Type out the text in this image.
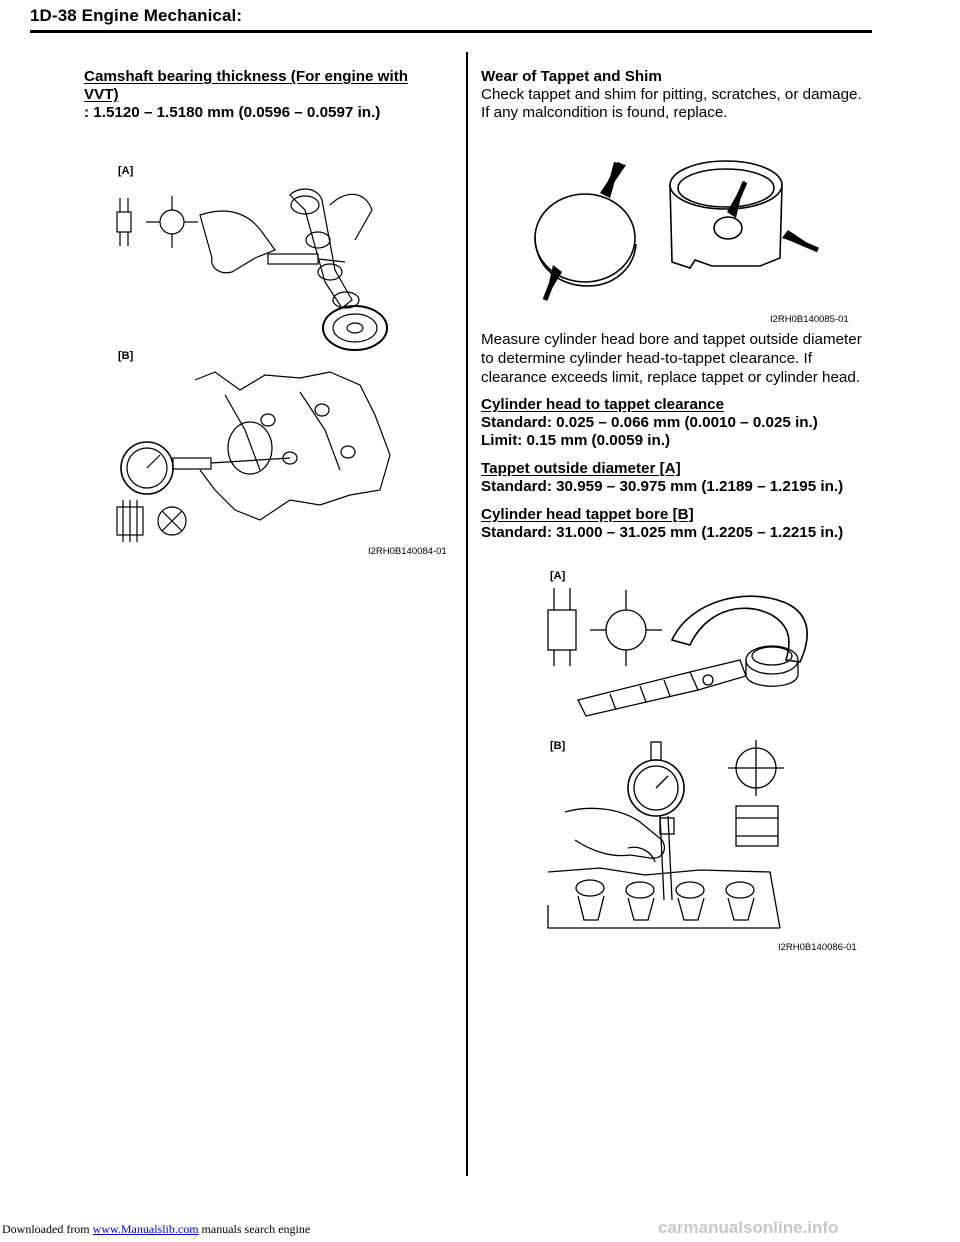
1D-38 Engine Mechanical:
Camshaft bearing thickness (For engine with
VVT)
: 1.5120 – 1.5180 mm (0.0596 – 0.0597 in.)
[A]
[B]
I2RH0B140084-01
Wear of Tappet and Shim
Check tappet and shim for pitting, scratches, or damage.
If any malcondition is found, replace.
I2RH0B140085-01
Measure cylinder head bore and tappet outside diameter
to determine cylinder head-to-tappet clearance. If
clearance exceeds limit, replace tappet or cylinder head.
Cylinder head to tappet clearance
Standard: 0.025 – 0.066 mm (0.0010 – 0.025 in.)
Limit: 0.15 mm (0.0059 in.)
Tappet outside diameter [A]
Standard: 30.959 – 30.975 mm (1.2189 – 1.2195 in.)
Cylinder head tappet bore [B]
Standard: 31.000 – 31.025 mm (1.2205 – 1.2215 in.)
[A]
[B]
I2RH0B140086-01
Downloaded from www.Manualslib.com manuals search engine	carmanualsonline.info
